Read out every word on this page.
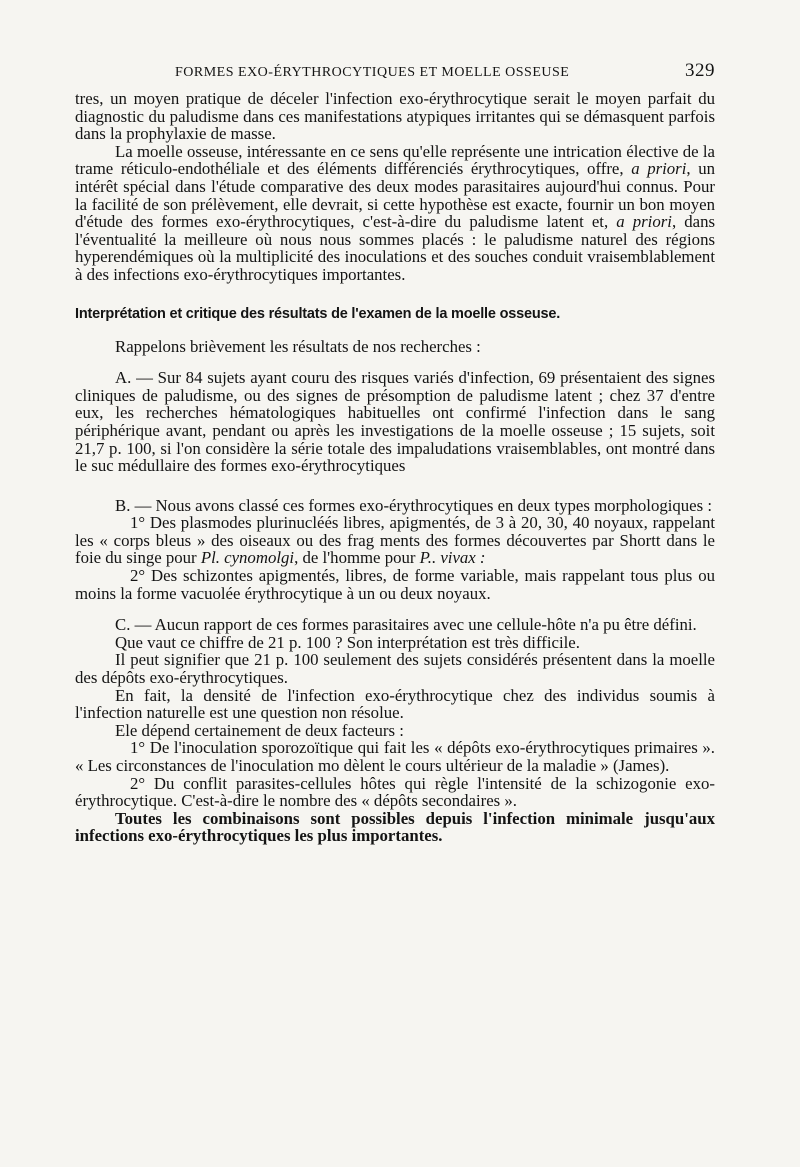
FORMES EXO-ÉRYTHROCYTIQUES ET MOELLE OSSEUSE	329

tres, un moyen pratique de déceler l'infection exo-érythrocytique serait le moyen parfait du diagnostic du paludisme dans ces manifestations atypiques irritantes qui se démasquent parfois dans la prophylaxie de masse.

La moelle osseuse, intéressante en ce sens qu'elle représente une intrication élective de la trame réticulo-endothéliale et des éléments différenciés érythrocytiques, offre, a priori, un intérêt spécial dans l'étude comparative des deux modes parasitaires aujourd'hui connus. Pour la facilité de son prélèvement, elle devrait, si cette hypothèse est exacte, fournir un bon moyen d'étude des formes exo-érythrocytiques, c'est-à-dire du paludisme latent et, a priori, dans l'éventualité la meilleure où nous nous sommes placés : le paludisme naturel des régions hyperendémiques où la multiplicité des inoculations et des souches conduit vraisemblablement à des infections exo-érythrocytiques importantes.

Interprétation et critique des résultats de l'examen de la moelle osseuse.

Rappelons brièvement les résultats de nos recherches :

A. — Sur 84 sujets ayant couru des risques variés d'infection, 69 présentaient des signes cliniques de paludisme, ou des signes de présomption de paludisme latent ; chez 37 d'entre eux, les recherches hématologiques habituelles ont confirmé l'infection dans le sang périphérique avant, pendant ou après les investigations de la moelle osseuse ; 15 sujets, soit 21,7 p. 100, si l'on considère la série totale des impaludations vraisemblables, ont montré dans le suc médullaire des formes exo-érythrocytiques

B. — Nous avons classé ces formes exo-érythrocytiques en deux types morphologiques :

1° Des plasmodes plurinucléés libres, apigmentés, de 3 à 20, 30, 40 noyaux, rappelant les « corps bleus » des oiseaux ou des frag ments des formes découvertes par Shortt dans le foie du singe pour Pl. cynomolgi, de l'homme pour P.. vivax :

2° Des schizontes apigmentés, libres, de forme variable, mais rappelant tous plus ou moins la forme vacuolée érythrocytique à un ou deux noyaux.

C. — Aucun rapport de ces formes parasitaires avec une cellule-hôte n'a pu être défini.

Que vaut ce chiffre de 21 p. 100 ? Son interprétation est très difficile.

Il peut signifier que 21 p. 100 seulement des sujets considérés présentent dans la moelle des dépôts exo-érythrocytiques.

En fait, la densité de l'infection exo-érythrocytique chez des individus soumis à l'infection naturelle est une question non résolue.

Ele dépend certainement de deux facteurs :

1° De l'inoculation sporozoïtique qui fait les « dépôts exo-érythrocytiques primaires ». « Les circonstances de l'inoculation mo dèlent le cours ultérieur de la maladie » (James).

2° Du conflit parasites-cellules hôtes qui règle l'intensité de la schizogonie exo-érythrocytique. C'est-à-dire le nombre des « dépôts secondaires ».

Toutes les combinaisons sont possibles depuis l'infection minimale jusqu'aux infections exo-érythrocytiques les plus importantes.
